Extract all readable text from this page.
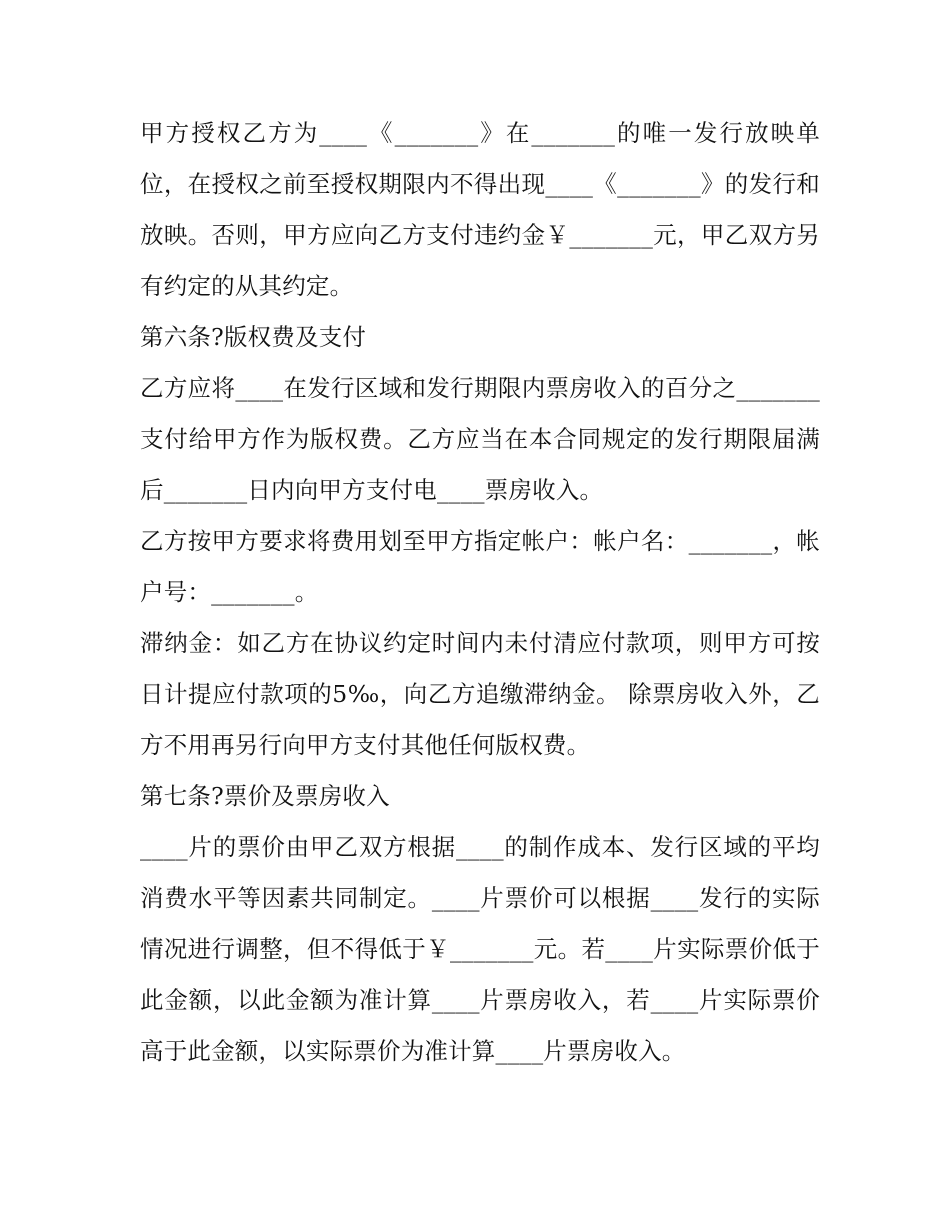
甲方授权乙方为____《_______》在_______的唯一发行放映单位，在授权之前至授权期限内不得出现____《_______》的发行和放映。否则，甲方应向乙方支付违约金￥_______元，甲乙双方另有约定的从其约定。

第六条?版权费及支付

乙方应将____在发行区域和发行期限内票房收入的百分之_______支付给甲方作为版权费。乙方应当在本合同规定的发行期限届满后_______日内向甲方支付电____票房收入。

乙方按甲方要求将费用划至甲方指定帐户：帐户名：_______，帐户号：_______。

滞纳金：如乙方在协议约定时间内未付清应付款项，则甲方可按日计提应付款项的5‰，向乙方追缴滞纳金。 除票房收入外，乙方不用再另行向甲方支付其他任何版权费。

第七条?票价及票房收入

____片的票价由甲乙双方根据____的制作成本、发行区域的平均消费水平等因素共同制定。____片票价可以根据____发行的实际情况进行调整，但不得低于￥_______元。若____片实际票价低于此金额，以此金额为准计算____片票房收入，若____片实际票价高于此金额，以实际票价为准计算____片票房收入。
